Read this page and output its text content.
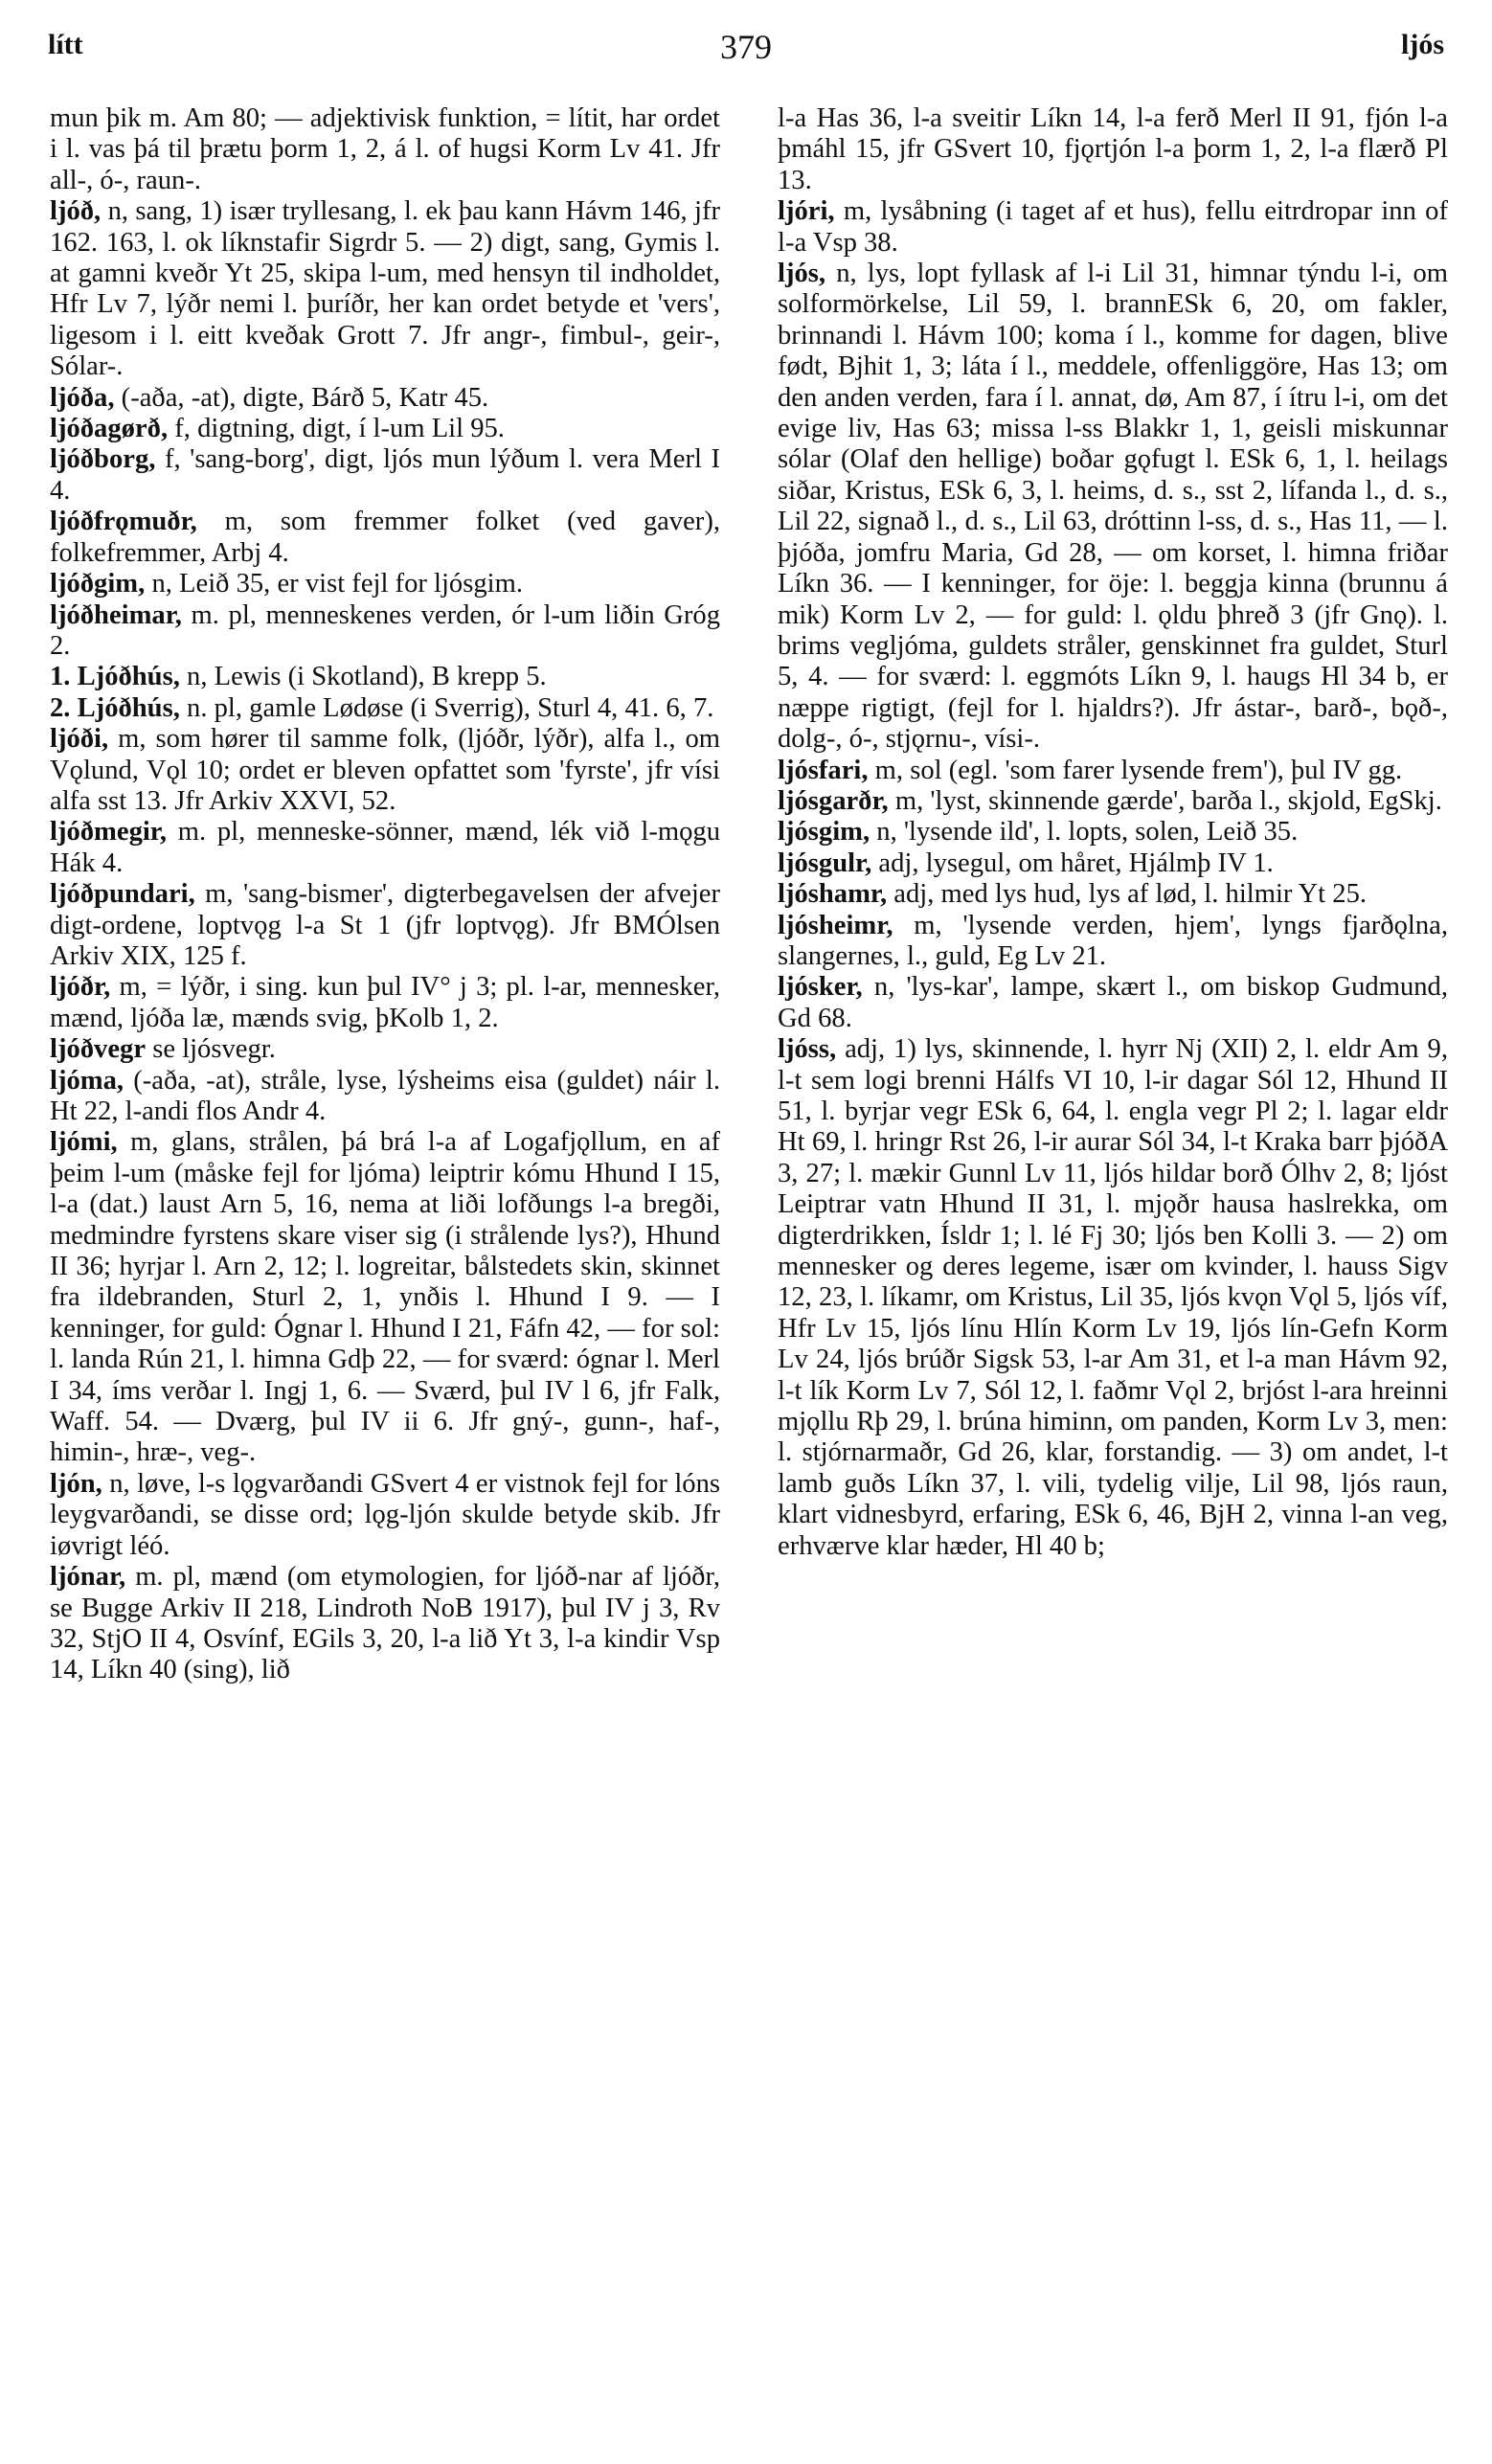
lítt	379	ljós

mun þik m. Am 80; — adjektivisk funktion, = lítit, har ordet i l. vas þá til þrætu þorm 1, 2, á l. of hugsi Korm Lv 41. Jfr all-, ó-, raun-.

ljóð, n, sang, 1) især tryllesang, l. ek þau kann Hávm 146, jfr 162. 163, l. ok líknstafir Sigrdr 5. — 2) digt, sang, Gymis l. at gamni kveðr Yt 25, skipa l-um, med hensyn til indholdet, Hfr Lv 7, lýðr nemi l. þuríðr, her kan ordet betyde et 'vers', ligesom i l. eitt kveðak Grott 7. Jfr angr-, fimbul-, geir-, Sólar-.

ljóða, (-aða, -at), digte, Bárð 5, Katr 45.

ljóðagørð, f, digtning, digt, í l-um Lil 95.

ljóðborg, f, 'sang-borg', digt, ljós mun lýðum l. vera Merl I 4.

ljóðfrǫmuðr, m, som fremmer folket (ved gaver), folkefremmer, Arbj 4.

ljóðgim, n, Leið 35, er vist fejl for ljósgim.

ljóðheimar, m. pl, menneskenes verden, ór l-um liðin Gróg 2.

1. Ljóðhús, n, Lewis (i Skotland), B krepp 5.

2. Ljóðhús, n. pl, gamle Lødøse (i Sverrig), Sturl 4, 41. 6, 7.

ljóði, m, som hører til samme folk, (ljóðr, lýðr), alfa l., om Vǫlund, Vǫl 10; ordet er bleven opfattet som 'fyrste', jfr vísi alfa sst 13. Jfr Arkiv XXVI, 52.

ljóðmegir, m. pl, menneske-sönner, mænd, lék við l-mǫgu Hák 4.

ljóðpundari, m, 'sang-bismer', digterbegavelsen der afvejer digt-ordene, loptvǫg l-a St 1 (jfr loptvǫg). Jfr BMÓlsen Arkiv XIX, 125 f.

ljóðr, m, = lýðr, i sing. kun þul IV° j 3; pl. l-ar, mennesker, mænd, ljóða læ, mænds svig, þKolb 1, 2.

ljóðvegr se ljósvegr.

ljóma, (-aða, -at), stråle, lyse, lýsheims eisa (guldet) náir l. Ht 22, l-andi flos Andr 4.

ljómi, m, glans, strålen, þá brá l-a af Logafjǫllum, en af þeim l-um (måske fejl for ljóma) leiptrir kómu Hhund I 15, l-a (dat.) laust Arn 5, 16, nema at liði lofðungs l-a bregði, medmindre fyrstens skare viser sig (i strålende lys?), Hhund II 36; hyrjar l. Arn 2, 12; l. logreitar, bålstedets skin, skinnet fra ildebranden, Sturl 2, 1, ynðis l. Hhund I 9. — I kenninger, for guld: Ógnar l. Hhund I 21, Fáfn 42, — for sol: l. landa Rún 21, l. himna Gdþ 22, — for sværd: ógnar l. Merl I 34, íms verðar l. Ingj 1, 6. — Sværd, þul IV l 6, jfr Falk, Waff. 54. — Dværg, þul IV ii 6. Jfr gný-, gunn-, haf-, himin-, hræ-, veg-.

ljón, n, løve, l-s lǫgvarðandi GSvert 4 er vistnok fejl for lóns leygvarðandi, se disse ord; lǫg-ljón skulde betyde skib. Jfr iøvrigt léó.

ljónar, m. pl, mænd (om etymologien, for ljóð-nar af ljóðr, se Bugge Arkiv II 218, Lindroth NoB 1917), þul IV j 3, Rv 32, StjO II 4, Osvínf, EGils 3, 20, l-a lið Yt 3, l-a kindir Vsp 14, Líkn 40 (sing), lið

l-a Has 36, l-a sveitir Líkn 14, l-a ferð Merl II 91, fjón l-a þmáhl 15, jfr GSvert 10, fjǫrtjón l-a þorm 1, 2, l-a flærð Pl 13.

ljóri, m, lysåbning (i taget af et hus), fellu eitrdropar inn of l-a Vsp 38.

ljós, n, lys, lopt fyllask af l-i Lil 31, himnar týndu l-i, om solformörkelse, Lil 59, l. brannESk 6, 20, om fakler, brinnandi l. Hávm 100; koma í l., komme for dagen, blive født, Bjhit 1, 3; láta í l., meddele, offenliggöre, Has 13; om den anden verden, fara í l. annat, dø, Am 87, í ítru l-i, om det evige liv, Has 63; missa l-ss Blakkr 1, 1, geisli miskunnar sólar (Olaf den hellige) boðar gǫfugt l. ESk 6, 1, l. heilags siðar, Kristus, ESk 6, 3, l. heims, d. s., sst 2, lífanda l., d. s., Lil 22, signað l., d. s., Lil 63, dróttinn l-ss, d. s., Has 11, — l. þjóða, jomfru Maria, Gd 28, — om korset, l. himna friðar Líkn 36. — I kenninger, for öje: l. beggja kinna (brunnu á mik) Korm Lv 2, — for guld: l. ǫldu þhreð 3 (jfr Gnǫ). l. brims vegljóma, guldets stråler, genskinnet fra guldet, Sturl 5, 4. — for sværd: l. eggmóts Líkn 9, l. haugs Hl 34 b, er næppe rigtigt, (fejl for l. hjaldrs?). Jfr ástar-, barð-, bǫð-, dolg-, ó-, stjǫrnu-, vísi-.

ljósfari, m, sol (egl. 'som farer lysende frem'), þul IV gg.

ljósgarðr, m, 'lyst, skinnende gærde', barða l., skjold, EgSkj.

ljósgim, n, 'lysende ild', l. lopts, solen, Leið 35.

ljósgulr, adj, lysegul, om håret, Hjálmþ IV 1.

ljóshamr, adj, med lys hud, lys af lød, l. hilmir Yt 25.

ljósheimr, m, 'lysende verden, hjem', lyngs fjarðǫlna, slangernes, l., guld, Eg Lv 21.

ljósker, n, 'lys-kar', lampe, skært l., om biskop Gudmund, Gd 68.

ljóss, adj, 1) lys, skinnende, l. hyrr Nj (XII) 2, l. eldr Am 9, l-t sem logi brenni Hálfs VI 10, l-ir dagar Sól 12, Hhund II 51, l. byrjar vegr ESk 6, 64, l. engla vegr Pl 2; l. lagar eldr Ht 69, l. hringr Rst 26, l-ir aurar Sól 34, l-t Kraka barr þjóðA 3, 27; l. mækir Gunnl Lv 11, ljós hildar borð Ólhv 2, 8; ljóst Leiptrar vatn Hhund II 31, l. mjǫðr hausa haslrekka, om digterdrikken, Ísldr 1; l. lé Fj 30; ljós ben Kolli 3. — 2) om mennesker og deres legeme, især om kvinder, l. hauss Sigv 12, 23, l. líkamr, om Kristus, Lil 35, ljós kvǫn Vǫl 5, ljós víf, Hfr Lv 15, ljós línu Hlín Korm Lv 19, ljós lín-Gefn Korm Lv 24, ljós brúðr Sigsk 53, l-ar Am 31, et l-a man Hávm 92, l-t lík Korm Lv 7, Sól 12, l. faðmr Vǫl 2, brjóst l-ara hreinni mjǫllu Rþ 29, l. brúna himinn, om panden, Korm Lv 3, men: l. stjórnarmaðr, Gd 26, klar, forstandig. — 3) om andet, l-t lamb guðs Líkn 37, l. vili, tydelig vilje, Lil 98, ljós raun, klart vidnesbyrd, erfaring, ESk 6, 46, BjH 2, vinna l-an veg, erhværve klar hæder, Hl 40 b;
